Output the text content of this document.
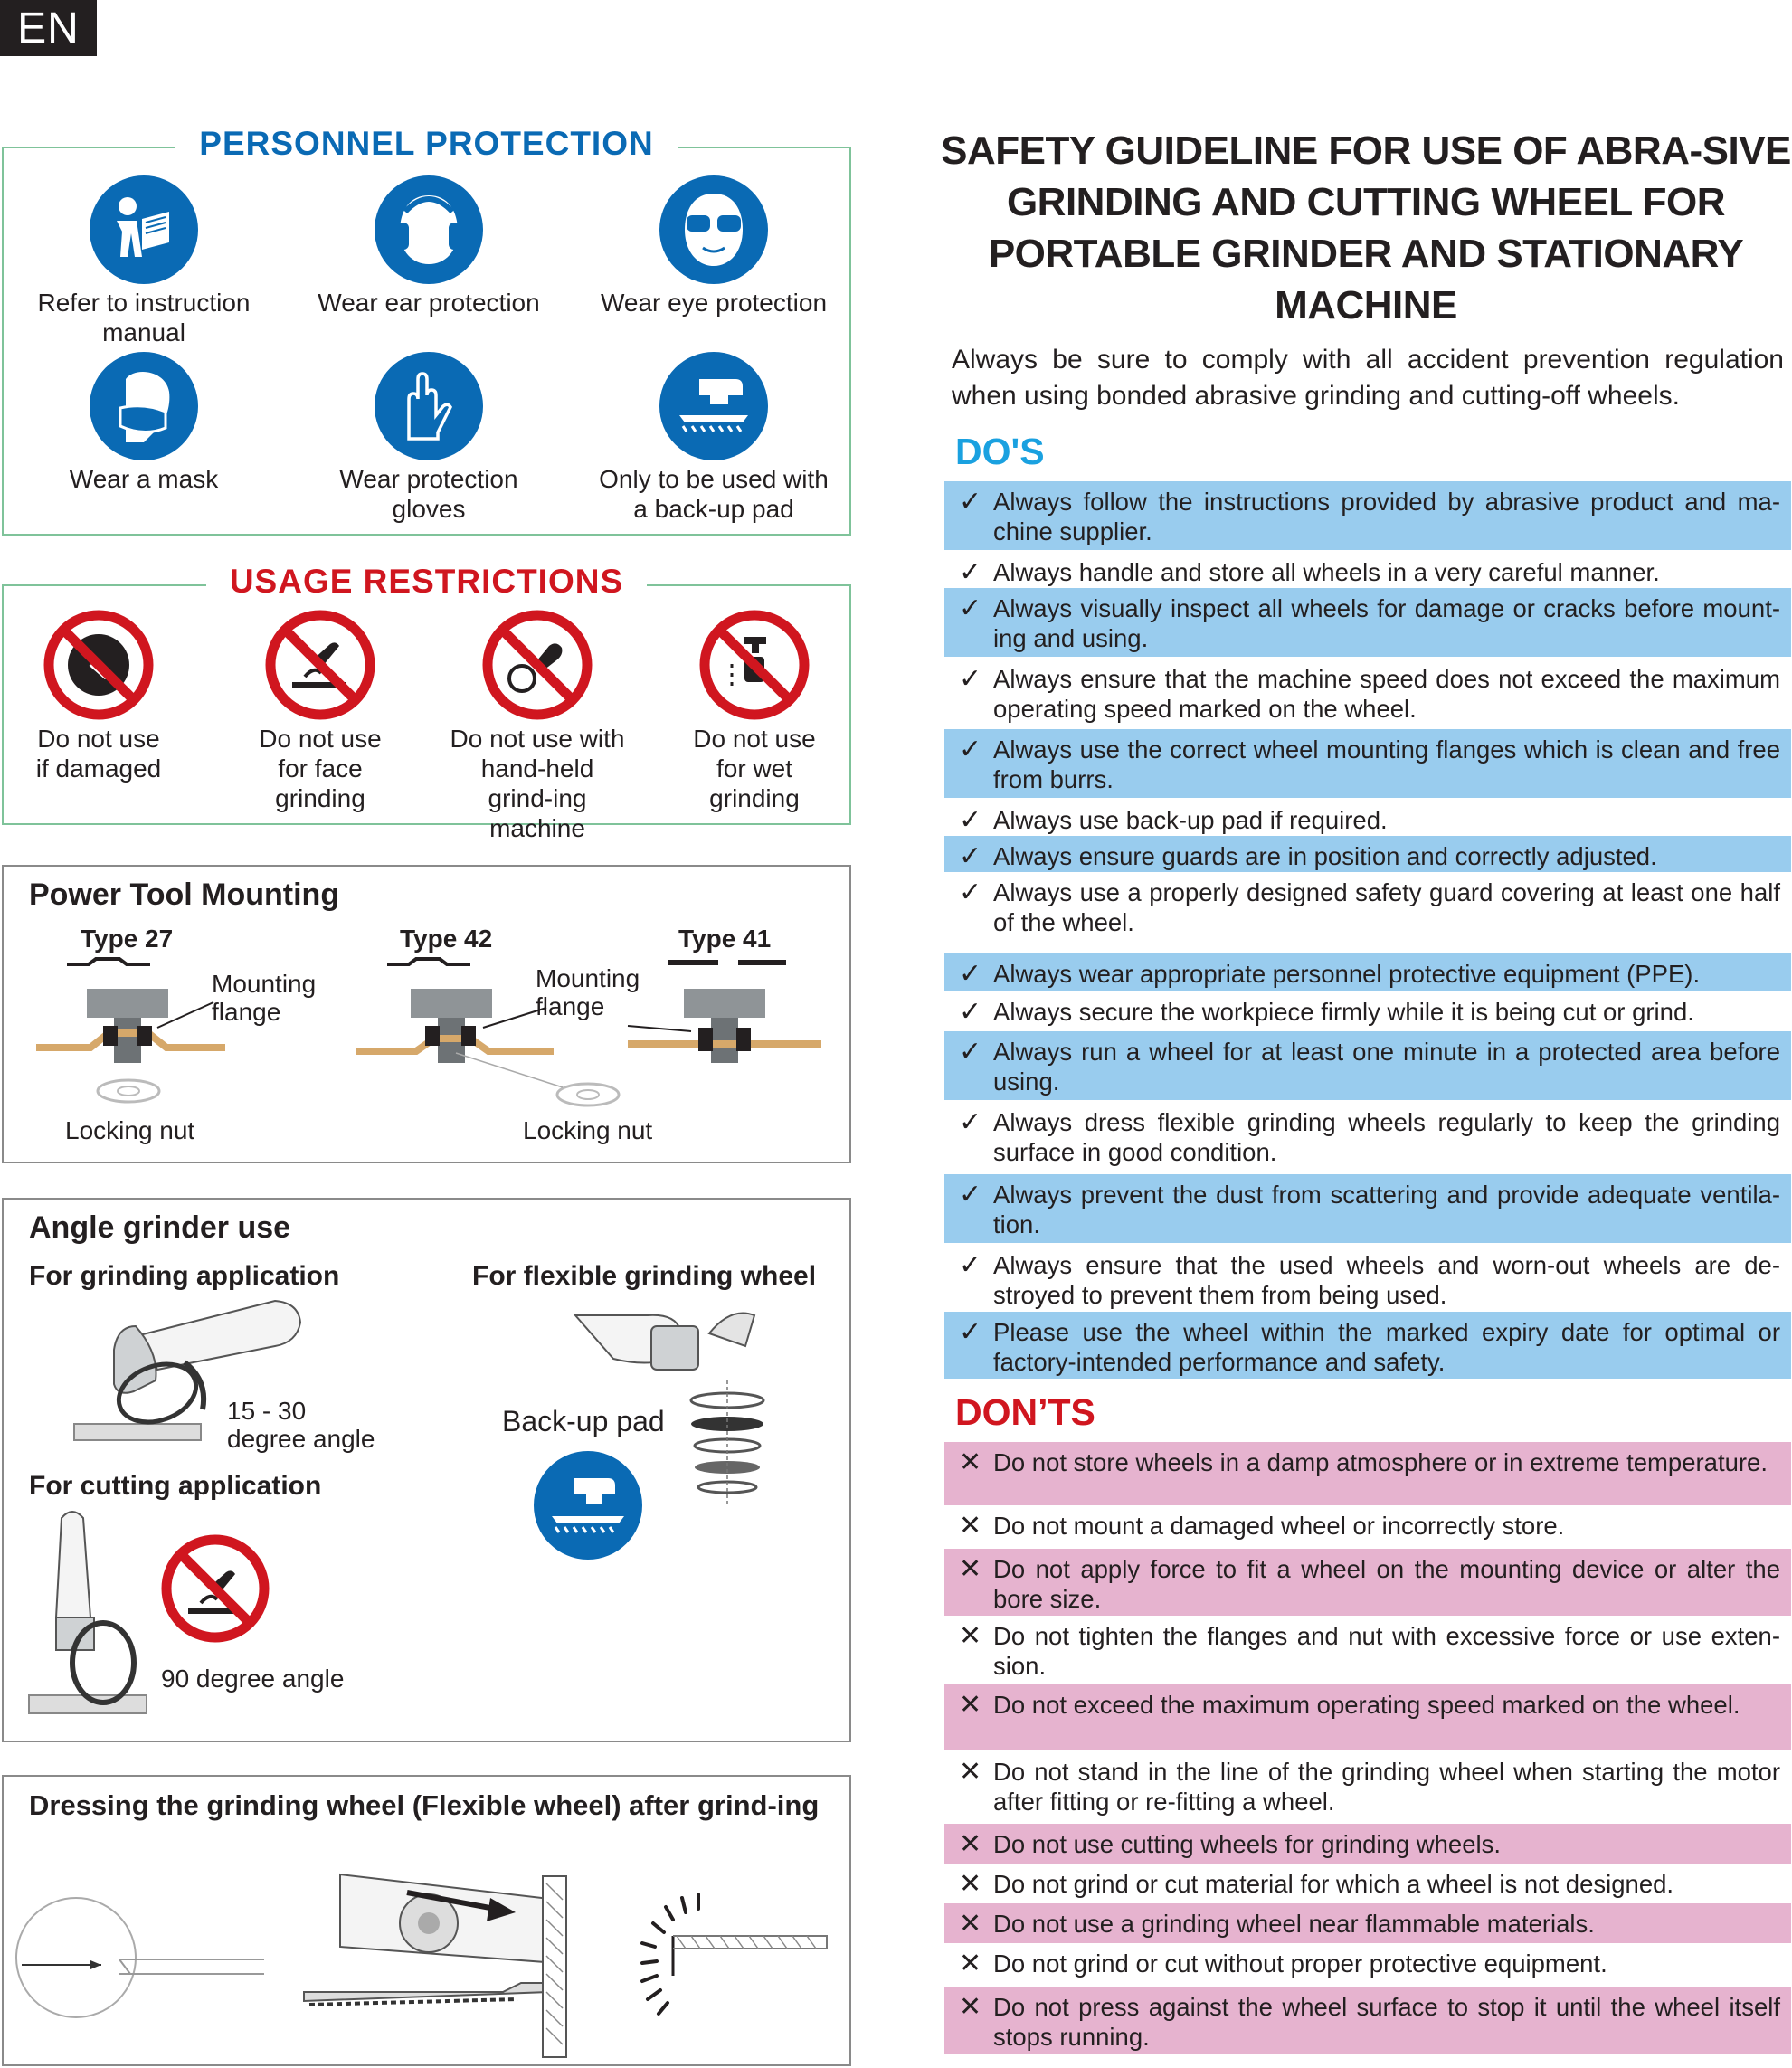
EN
PERSONNEL PROTECTION
Refer to instruction manual
Wear ear protection	Wear eye protection
Wear a mask	Wear protection gloves
Only to be used with a back-up pad
USAGE RESTRICTIONS
Do not use if damaged
Do not use for face grinding
Do not use with hand-held grind-ing machine
Do not use for wet grinding
Power Tool Mounting
Type 27	Type 42	Type 41
Mounting flange
Mounting flange
Locking nut	Locking nut
Angle grinder use
For grinding application	For flexible grinding wheel
15 - 30 degree angle
Back-up pad
For cutting application
90 degree angle
Dressing the grinding wheel (Flexible wheel) after grind-ing
SAFETY GUIDELINE FOR USE OF ABRA-SIVE GRINDING AND CUTTING WHEEL FOR PORTABLE GRINDER AND STATIONARY MACHINE
Always be sure to comply with all accident prevention regulation when using bonded abrasive grinding and cutting-off wheels.
DO'S
✓ Always follow the instructions provided by abrasive product and ma-chine supplier.
✓ Always handle and store all wheels in a very careful manner.
✓ Always visually inspect all wheels for damage or cracks before mount-ing and using.
✓ Always ensure that the machine speed does not exceed the maximum operating speed marked on the wheel.
✓ Always use the correct wheel mounting flanges which is clean and free from burrs.
✓ Always use back-up pad if required.
✓ Always ensure guards are in position and correctly adjusted.
✓ Always use a properly designed safety guard covering at least one half of the wheel.
✓ Always wear appropriate personnel protective equipment (PPE).
✓ Always secure the workpiece firmly while it is being cut or grind.
✓ Always run a wheel for at least one minute in a protected area before using.
✓ Always dress flexible grinding wheels regularly to keep the grinding surface in good condition.
✓ Always prevent the dust from scattering and provide adequate ventila-tion.
✓ Always ensure that the used wheels and worn-out wheels are de-stroyed to prevent them from being used.
✓ Please use the wheel within the marked expiry date for optimal or factory-intended performance and safety.
DON’TS
✕ Do not store wheels in a damp atmosphere or in extreme temperature.
✕ Do not mount a damaged wheel or incorrectly store.
✕ Do not apply force to fit a wheel on the mounting device or alter the bore size.
✕ Do not tighten the flanges and nut with excessive force or use exten-sion.
✕ Do not exceed the maximum operating speed marked on the wheel.
✕ Do not stand in the line of the grinding wheel when starting the motor after fitting or re-fitting a wheel.
✕ Do not use cutting wheels for grinding wheels.
✕ Do not grind or cut material for which a wheel is not designed.
✕ Do not use a grinding wheel near flammable materials.
✕ Do not grind or cut without proper protective equipment.
✕ Do not press against the wheel surface to stop it until the wheel itself stops running.
